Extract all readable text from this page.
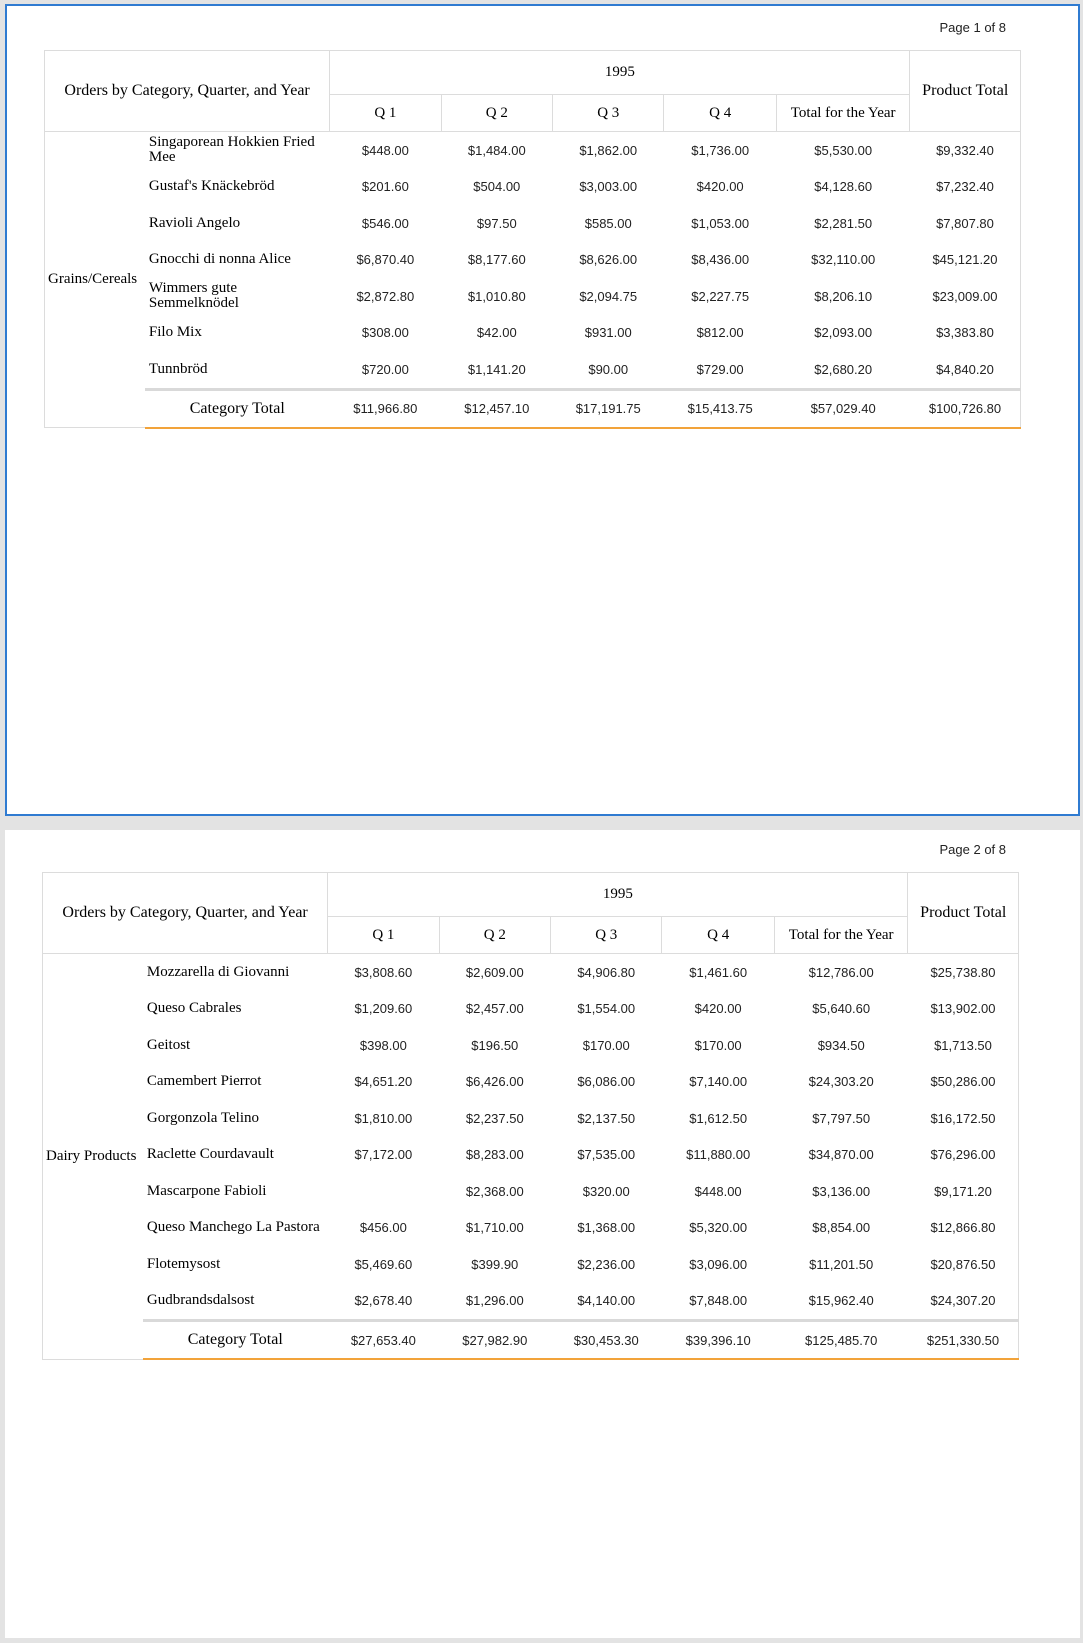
Page 1 of 8
Orders by Category, Quarter, and Year		1995					Product Total
		Q 1	Q 2	Q 3	Q 4	Total for the Year	
Grains/Cereals	Singaporean Hokkien Fried Mee	$448.00	$1,484.00	$1,862.00	$1,736.00	$5,530.00	$9,332.40
	Gustaf's Knäckebröd	$201.60	$504.00	$3,003.00	$420.00	$4,128.60	$7,232.40
	Ravioli Angelo	$546.00	$97.50	$585.00	$1,053.00	$2,281.50	$7,807.80
	Gnocchi di nonna Alice	$6,870.40	$8,177.60	$8,626.00	$8,436.00	$32,110.00	$45,121.20
	Wimmers gute Semmelknödel	$2,872.80	$1,010.80	$2,094.75	$2,227.75	$8,206.10	$23,009.00
	Filo Mix	$308.00	$42.00	$931.00	$812.00	$2,093.00	$3,383.80
	Tunnbröd	$720.00	$1,141.20	$90.00	$729.00	$2,680.20	$4,840.20
	Category Total	$11,966.80	$12,457.10	$17,191.75	$15,413.75	$57,029.40	$100,726.80
Page 2 of 8
Orders by Category, Quarter, and Year		1995					Product Total
		Q 1	Q 2	Q 3	Q 4	Total for the Year	
Dairy Products	Mozzarella di Giovanni	$3,808.60	$2,609.00	$4,906.80	$1,461.60	$12,786.00	$25,738.80
	Queso Cabrales	$1,209.60	$2,457.00	$1,554.00	$420.00	$5,640.60	$13,902.00
	Geitost	$398.00	$196.50	$170.00	$170.00	$934.50	$1,713.50
	Camembert Pierrot	$4,651.20	$6,426.00	$6,086.00	$7,140.00	$24,303.20	$50,286.00
	Gorgonzola Telino	$1,810.00	$2,237.50	$2,137.50	$1,612.50	$7,797.50	$16,172.50
	Raclette Courdavault	$7,172.00	$8,283.00	$7,535.00	$11,880.00	$34,870.00	$76,296.00
	Mascarpone Fabioli		$2,368.00	$320.00	$448.00	$3,136.00	$9,171.20
	Queso Manchego La Pastora	$456.00	$1,710.00	$1,368.00	$5,320.00	$8,854.00	$12,866.80
	Flotemysost	$5,469.60	$399.90	$2,236.00	$3,096.00	$11,201.50	$20,876.50
	Gudbrandsdalsost	$2,678.40	$1,296.00	$4,140.00	$7,848.00	$15,962.40	$24,307.20
	Category Total	$27,653.40	$27,982.90	$30,453.30	$39,396.10	$125,485.70	$251,330.50
